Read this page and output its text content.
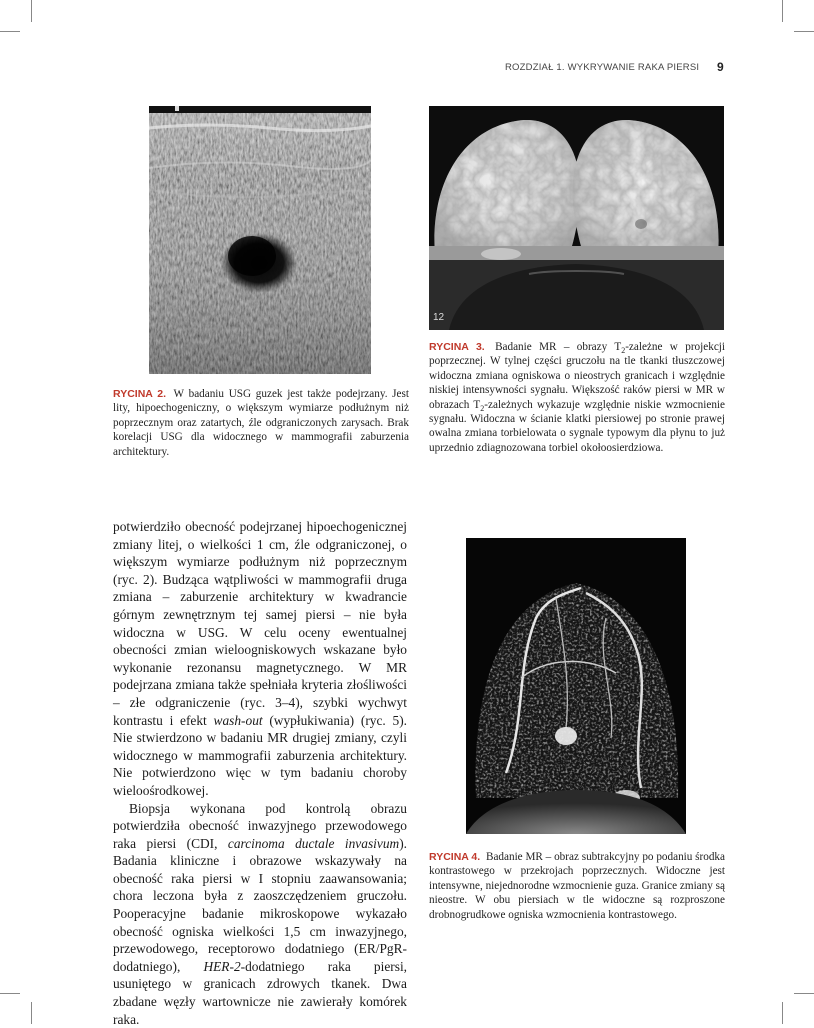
ROZDZIAŁ 1. WYKRYWANIE RAKA PIERSI 9
RYCINA 2. W badaniu USG guzek jest także podejrzany. Jest lity, hipoechogeniczny, o większym wymiarze podłużnym niż poprzecznym oraz zatartych, źle odgraniczonych zarysach. Brak korelacji USG dla widocznego w mammografii zaburzenia architektury.
12
RYCINA 3. Badanie MR – obrazy $T_2$-zależne w projekcji poprzecznej. W tylnej części gruczołu na tle tkanki tłuszczowej widoczna zmiana ogniskowa o nieostrych granicach i względnie niskiej intensywności sygnału. Większość raków piersi w MR w obrazach $T_2$-zależnych wykazuje względnie niskie wzmocnienie sygnału. Widoczna w ścianie klatki piersiowej po stronie prawej owalna zmiana torbielowata o sygnale typowym dla płynu to już uprzednio zdiagnozowana torbiel okołoosierdziowa.

potwierdziło obecność podejrzanej hipoechogenicznej zmiany litej, o wielkości 1 cm, źle odgraniczonej, o większym wymiarze podłużnym niż poprzecznym (ryc. 2). Budząca wątpliwości w mammografii druga zmiana – zaburzenie architektury w kwadrancie górnym zewnętrznym tej samej piersi – nie była widoczna w USG. W celu oceny ewentualnej obecności zmian wieloogniskowych wskazane było wykonanie rezonansu magnetycznego. W MR podejrzana zmiana także spełniała kryteria złośliwości – złe odgraniczenie (ryc. 3–4), szybki wychwyt kontrastu i efekt wash-out (wypłukiwania) (ryc. 5). Nie stwierdzono w badaniu MR drugiej zmiany, czyli widocznego w mammografii zaburzenia architektury. Nie potwierdzono więc w tym badaniu choroby wieloośrodkowej.

Biopsja wykonana pod kontrolą obrazu potwierdziła obecność inwazyjnego przewodowego raka piersi (CDI, carcinoma ductale invasivum). Badania kliniczne i obrazowe wskazywały na obecność raka piersi w I stopniu zaawansowania; chora leczona była z zaoszczędzeniem gruczołu. Pooperacyjne badanie mikroskopowe wykazało obecność ogniska wielkości 1,5 cm inwazyjnego, przewodowego, receptorowo dodatniego (ER/PgR-dodatniego), HER-2-dodatniego raka piersi, usuniętego w granicach zdrowych tkanek. Dwa zbadane węzły wartownicze nie zawierały komórek raka.

RYCINA 4. Badanie MR – obraz subtrakcyjny po podaniu środka kontrastowego w przekrojach poprzecznych. Widoczne jest intensywne, niejednorodne wzmocnienie guza. Granice zmiany są nieostre. W obu piersiach w tle widoczne są rozproszone drobnogrudkowe ogniska wzmocnienia kontrastowego.
